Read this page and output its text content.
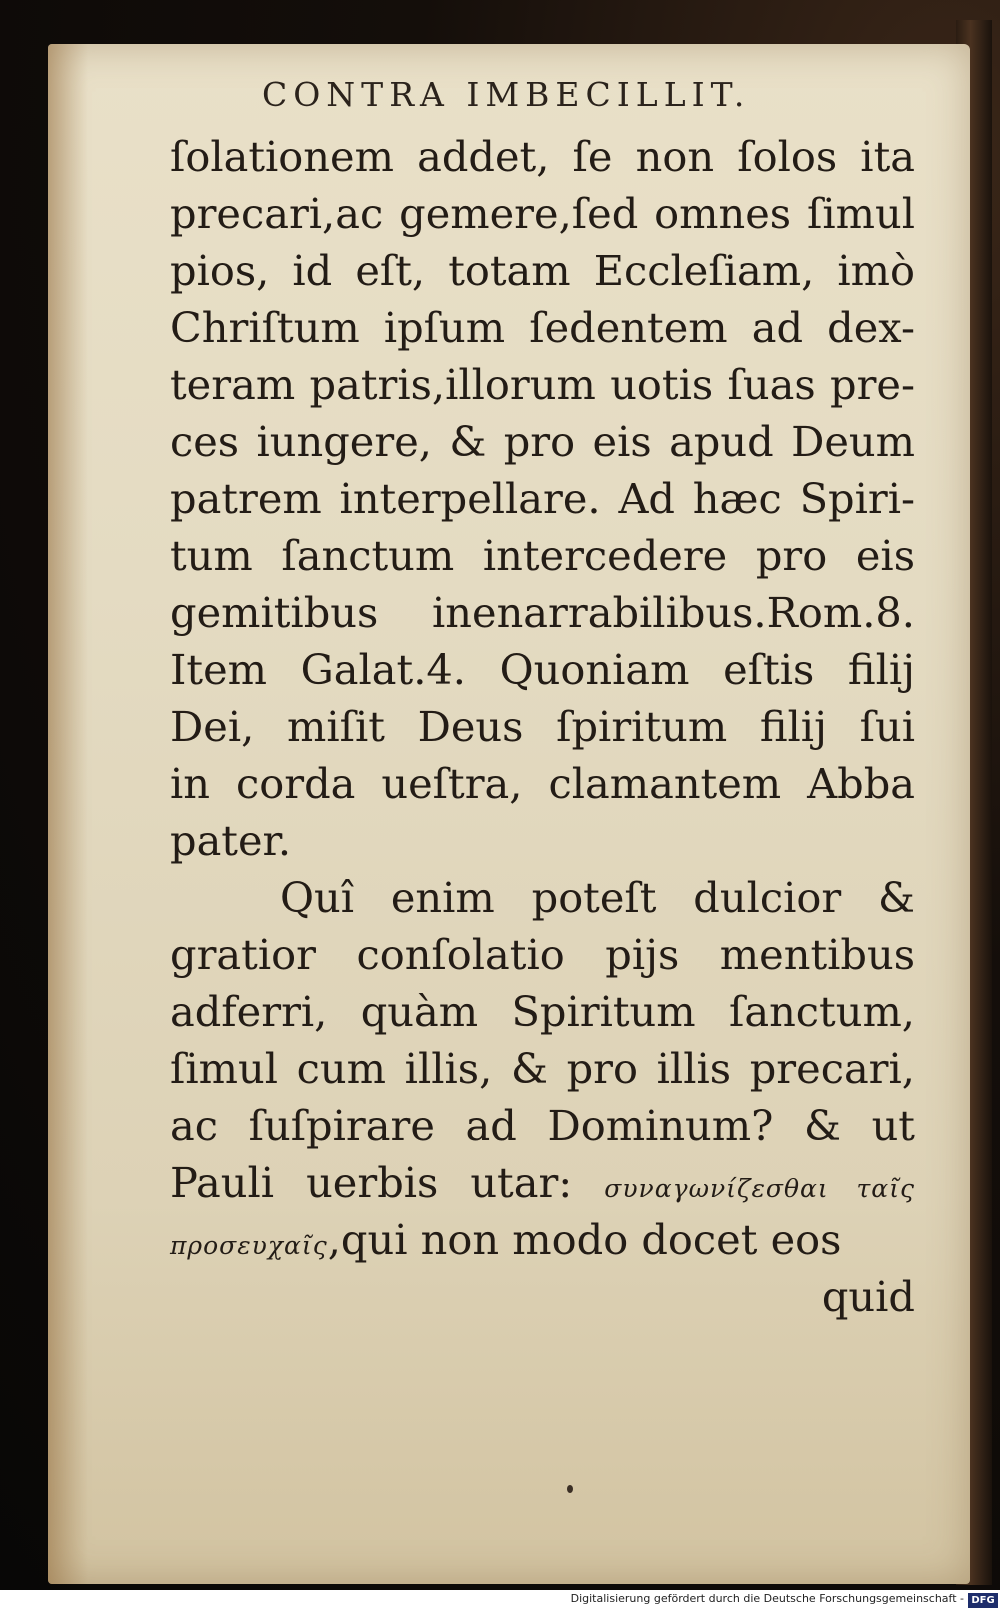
CONTRA IMBECILLIT.
ſolationem addet, ſe non ſolos ita
precari,ac gemere,ſed omnes ſimul
pios, id eſt, totam Eccleſiam, imò
Chriſtum ipſum ſedentem ad dex-
teram patris,illorum uotis ſuas pre-
ces iungere, & pro eis apud Deum
patrem interpellare. Ad hæc Spiri-
tum ſanctum intercedere pro eis
gemitibus inenarrabilibus.Rom.8.
Item Galat.4. Quoniam eſtis filij
Dei, miſit Deus ſpiritum filij ſui
in corda ueſtra, clamantem Abba
pater.
Quî enim poteſt dulcior &
gratior conſolatio pijs mentibus
adferri, quàm Spiritum ſanctum,
ſimul cum illis, & pro illis precari,
ac ſuſpirare ad Dominum? & ut
Pauli uerbis utar: συναγωνίζεσθαι ταῖς
προσευχαῖς,qui non modo docet eos
quid
Digitalisierung gefördert durch die Deutsche Forschungsgemeinschaft - DFG
